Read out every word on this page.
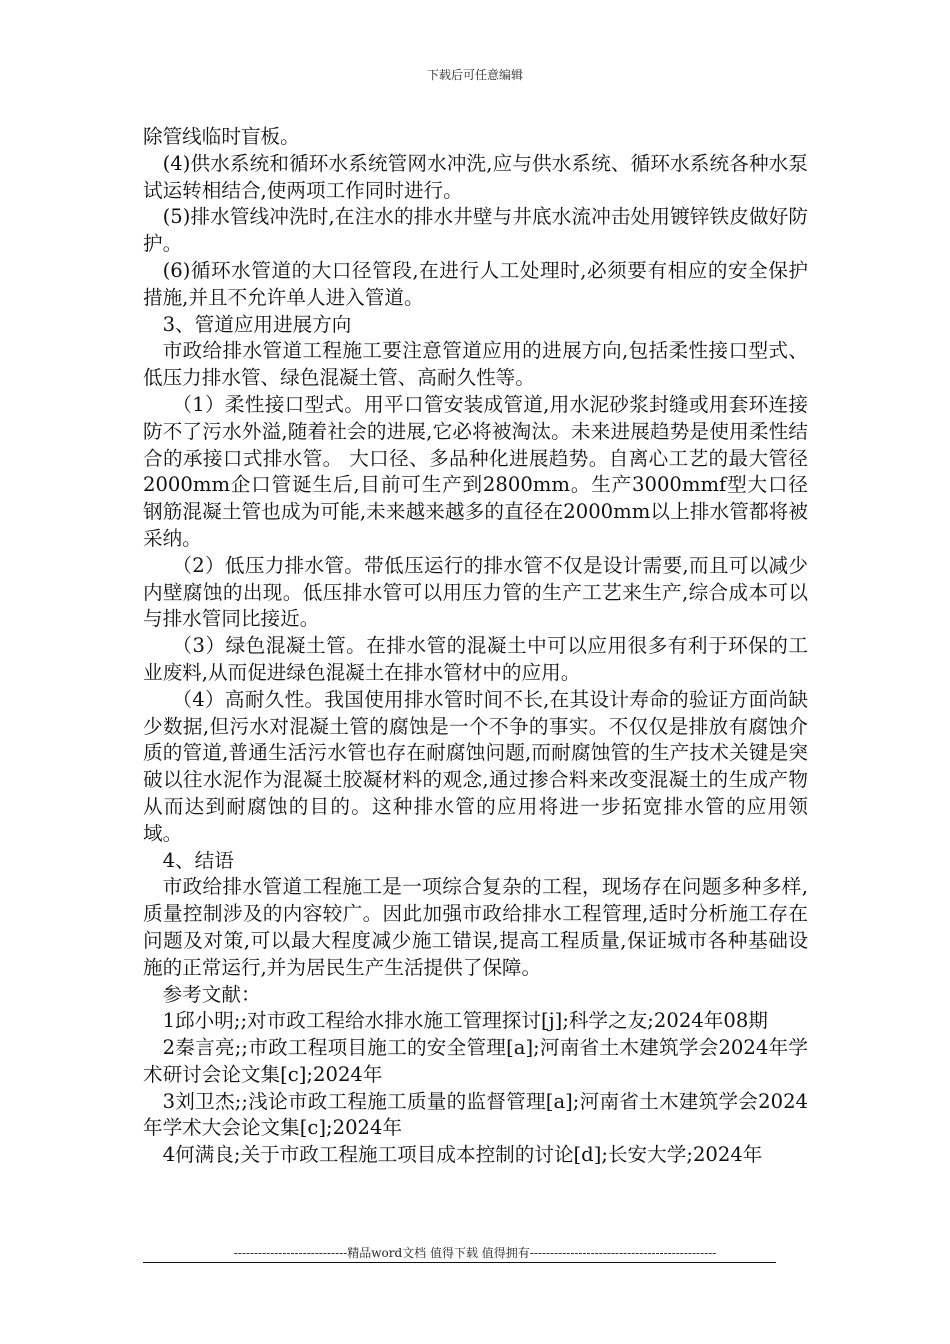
下载后可任意编辑

除管线临时盲板。

(4)供水系统和循环水系统管网水冲洗,应与供水系统、循环水系统各种水泵试运转相结合,使两项工作同时进行。

(5)排水管线冲洗时,在注水的排水井壁与井底水流冲击处用镀锌铁皮做好防护。

(6)循环水管道的大口径管段,在进行人工处理时,必须要有相应的安全保护措施,并且不允许单人进入管道。

3、管道应用进展方向

市政给排水管道工程施工要注意管道应用的进展方向,包括柔性接口型式、低压力排水管、绿色混凝土管、高耐久性等。

（1）柔性接口型式。用平口管安装成管道,用水泥砂浆封缝或用套环连接防不了污水外溢,随着社会的进展,它必将被淘汰。未来进展趋势是使用柔性结合的承接口式排水管。 大口径、多品种化进展趋势。自离心工艺的最大管径2000mm企口管诞生后,目前可生产到2800mm。生产3000mmf型大口径钢筋混凝土管也成为可能,未来越来越多的直径在2000mm以上排水管都将被采纳。

（2）低压力排水管。带低压运行的排水管不仅是设计需要,而且可以减少内壁腐蚀的出现。低压排水管可以用压力管的生产工艺来生产,综合成本可以与排水管同比接近。

（3）绿色混凝土管。在排水管的混凝土中可以应用很多有利于环保的工业废料,从而促进绿色混凝土在排水管材中的应用。

（4）高耐久性。我国使用排水管时间不长,在其设计寿命的验证方面尚缺少数据,但污水对混凝土管的腐蚀是一个不争的事实。不仅仅是排放有腐蚀介质的管道,普通生活污水管也存在耐腐蚀问题,而耐腐蚀管的生产技术关键是突破以往水泥作为混凝土胶凝材料的观念,通过掺合料来改变混凝土的生成产物从而达到耐腐蚀的目的。这种排水管的应用将进一步拓宽排水管的应用领域。

4、结语

市政给排水管道工程施工是一项综合复杂的工程，现场存在问题多种多样,质量控制涉及的内容较广。因此加强市政给排水工程管理,适时分析施工存在问题及对策,可以最大程度减少施工错误,提高工程质量,保证城市各种基础设施的正常运行,并为居民生产生活提供了保障。

参考文献：

1邱小明;;对市政工程给水排水施工管理探讨[j];科学之友;2024年08期

2秦言亮;;市政工程项目施工的安全管理[a];河南省土木建筑学会2024年学术研讨会论文集[c];2024年

3刘卫杰;;浅论市政工程施工质量的监督管理[a];河南省土木建筑学会2024年学术大会论文集[c];2024年

4何满良;关于市政工程施工项目成本控制的讨论[d];长安大学;2024年

----------------------------精品word文档 值得下载 值得拥有----------------------------------------------
